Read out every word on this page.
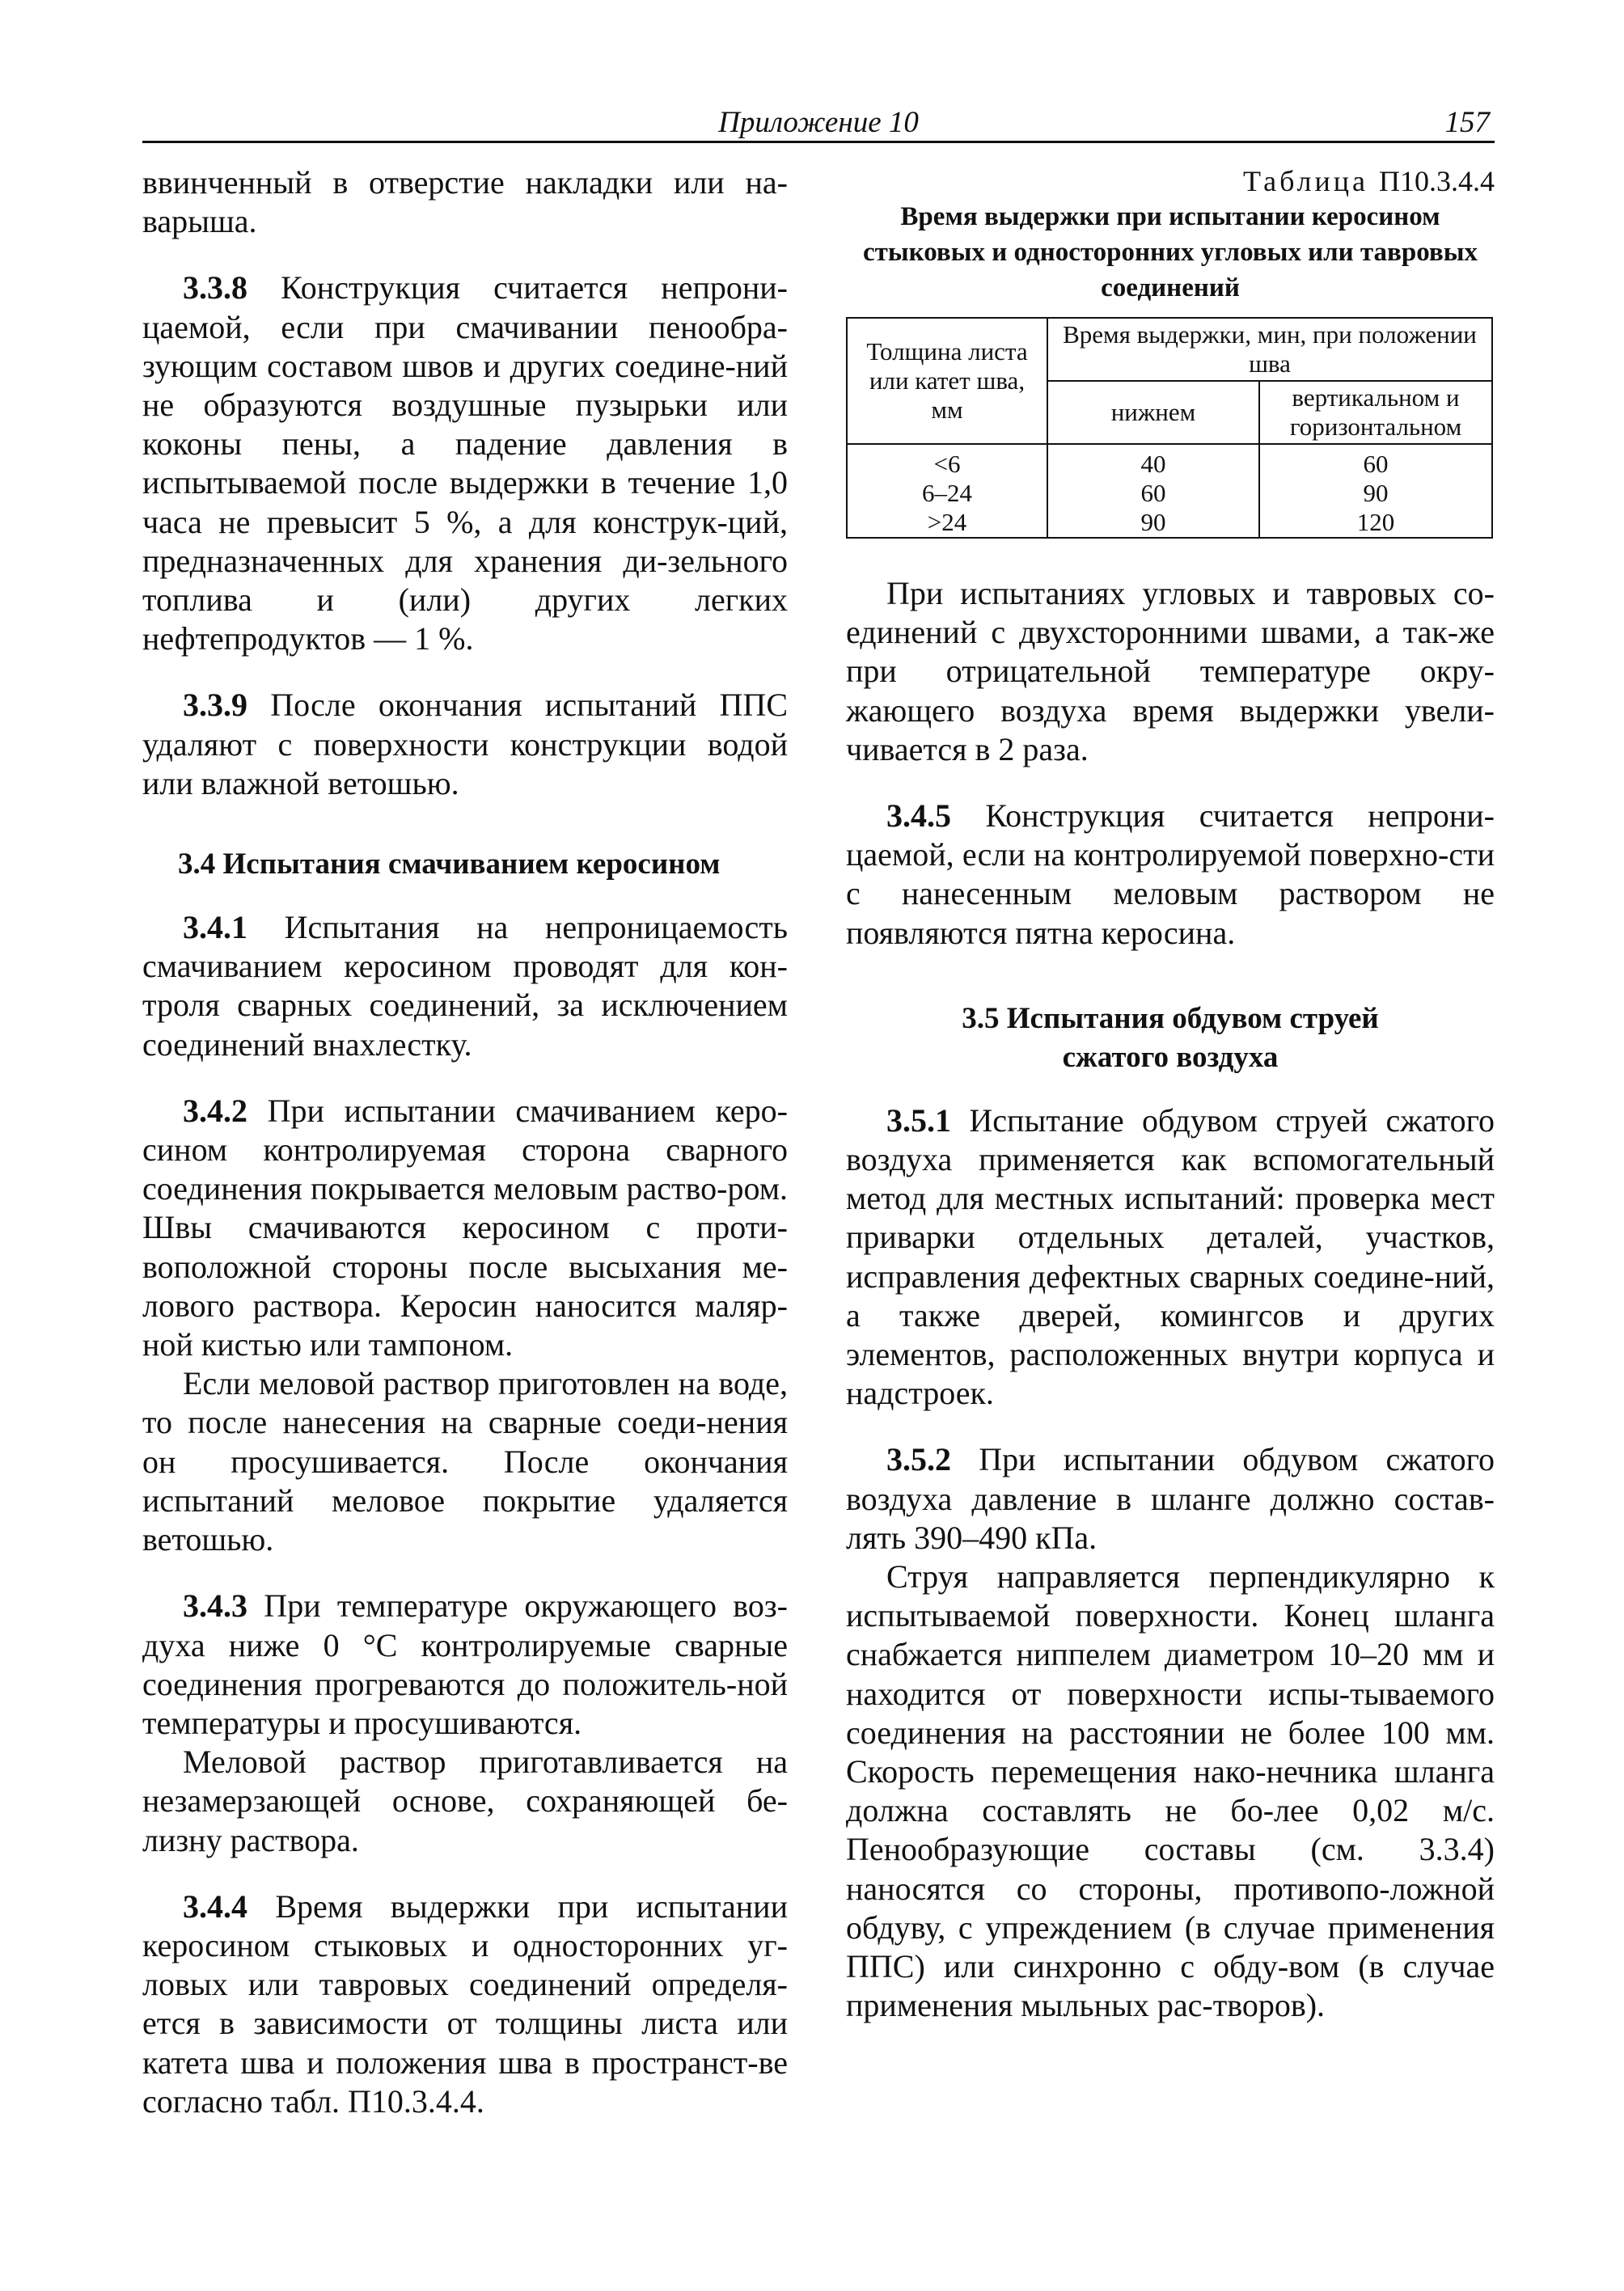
Приложение 10	157

ввинченный в отверстие накладки или на-варыша.

3.3.8 Конструкция считается непрони-цаемой, если при смачивании пенообра-зующим составом швов и других соедине-ний не образуются воздушные пузырьки или коконы пены, а падение давления в испытываемой после выдержки в течение 1,0 часа не превысит 5 %, а для конструк-ций, предназначенных для хранения ди-зельного топлива и (или) других легких нефтепродуктов — 1 %.

3.3.9 После окончания испытаний ППС удаляют с поверхности конструкции водой или влажной ветошью.

3.4 Испытания смачиванием керосином

3.4.1 Испытания на непроницаемость смачиванием керосином проводят для кон-троля сварных соединений, за исключением соединений внахлестку.

3.4.2 При испытании смачиванием керо-сином контролируемая сторона сварного соединения покрывается меловым раство-ром. Швы смачиваются керосином с проти-воположной стороны после высыхания ме-лового раствора. Керосин наносится маляр-ной кистью или тампоном.

Если меловой раствор приготовлен на воде, то после нанесения на сварные соеди-нения он просушивается. После окончания испытаний меловое покрытие удаляется ветошью.

3.4.3 При температуре окружающего воз-духа ниже 0 °С контролируемые сварные соединения прогреваются до положитель-ной температуры и просушиваются.

Меловой раствор приготавливается на незамерзающей основе, сохраняющей бе-лизну раствора.

3.4.4 Время выдержки при испытании керосином стыковых и односторонних уг-ловых или тавровых соединений определя-ется в зависимости от толщины листа или катета шва и положения шва в пространст-ве согласно табл. П10.3.4.4.

Таблица П10.3.4.4
Время выдержки при испытании керосином стыковых и односторонних угловых или тавровых соединений
Толщина листа или катет шва, мм	Время выдержки, мин, при положении шва	
	нижнем	вертикальном и горизонтальном
<6	40	60
6–24	60	90
>24	90	120

При испытаниях угловых и тавровых со-единений с двухсторонними швами, а так-же при отрицательной температуре окру-жающего воздуха время выдержки увели-чивается в 2 раза.

3.4.5 Конструкция считается непрони-цаемой, если на контролируемой поверхно-сти с нанесенным меловым раствором не появляются пятна керосина.

3.5 Испытания обдувом струей
сжатого воздуха

3.5.1 Испытание обдувом струей сжатого воздуха применяется как вспомогательный метод для местных испытаний: проверка мест приварки отдельных деталей, участков, исправления дефектных сварных соедине-ний, а также дверей, комингсов и других элементов, расположенных внутри корпуса и надстроек.

3.5.2 При испытании обдувом сжатого воздуха давление в шланге должно состав-лять 390–490 кПа.

Струя направляется перпендикулярно к испытываемой поверхности. Конец шланга снабжается ниппелем диаметром 10–20 мм и находится от поверхности испы-тываемого соединения на расстоянии не более 100 мм. Скорость перемещения нако-нечника шланга должна составлять не бо-лее 0,02 м/с. Пенообразующие составы (см. 3.3.4) наносятся со стороны, противопо-ложной обдуву, с упреждением (в случае применения ППС) или синхронно с обду-вом (в случае применения мыльных рас-творов).
